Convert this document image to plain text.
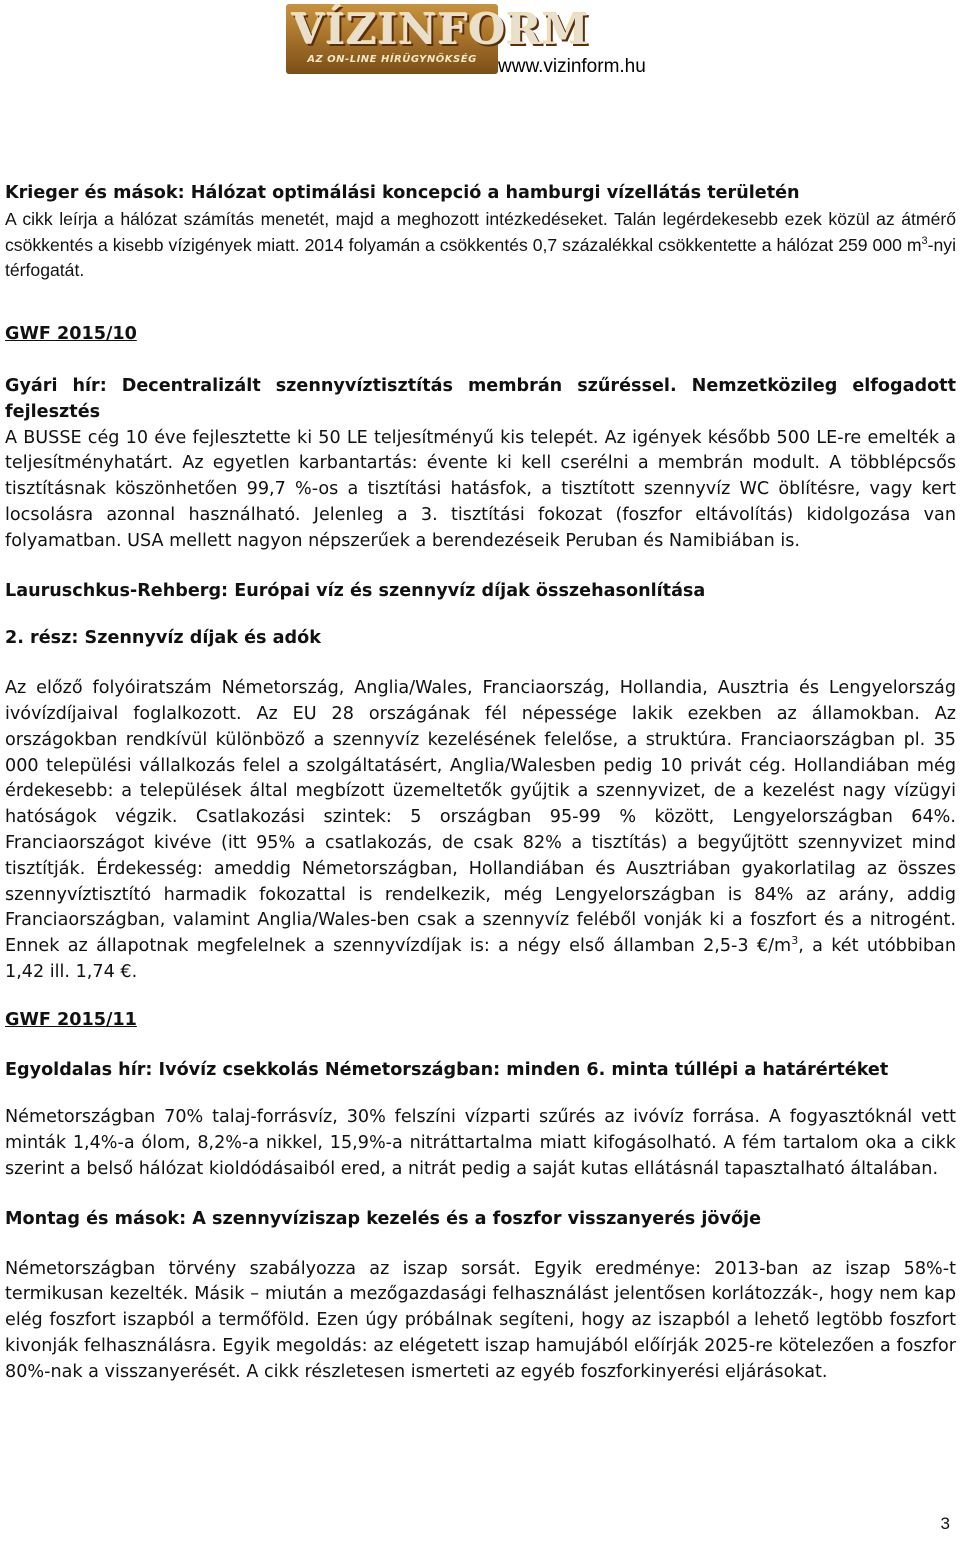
VÍZINFORM
AZ ON-LINE HÍRÜGYNÖKSÉG	www.vizinform.hu

Krieger és mások: Hálózat optimálási koncepció a hamburgi vízellátás területén

A cikk leírja a hálózat számítás menetét, majd a meghozott intézkedéseket. Talán legérdekesebb ezek közül az átmérő csökkentés a kisebb vízigények miatt. 2014 folyamán a csökkentés 0,7 százalékkal csökkentette a hálózat 259 000 $m^3$-nyi térfogatát.

GWF 2015/10

Gyári hír: Decentralizált szennyvíztisztítás membrán szűréssel. Nemzetközileg elfogadott fejlesztés

A BUSSE cég 10 éve fejlesztette ki 50 LE teljesítményű kis telepét. Az igények később 500 LE-re emelték a teljesítményhatárt. Az egyetlen karbantartás: évente ki kell cserélni a membrán modult. A többlépcsős tisztításnak köszönhetően 99,7 %-os a tisztítási hatásfok, a tisztított szennyvíz WC öblítésre, vagy kert locsolásra azonnal használható. Jelenleg a 3. tisztítási fokozat (foszfor eltávolítás) kidolgozása van folyamatban. USA mellett nagyon népszerűek a berendezéseik Peruban és Namibiában is.

Lauruschkus-Rehberg: Európai víz és szennyvíz díjak összehasonlítása

2. rész: Szennyvíz díjak és adók

Az előző folyóiratszám Németország, Anglia/Wales, Franciaország, Hollandia, Ausztria és Lengyelország ivóvízdíjaival foglalkozott. Az EU 28 országának fél népessége lakik ezekben az államokban. Az országokban rendkívül különböző a szennyvíz kezelésének felelőse, a struktúra. Franciaországban pl. 35 000 települési vállalkozás felel a szolgáltatásért, Anglia/Walesben pedig 10 privát cég. Hollandiában még érdekesebb: a települések által megbízott üzemeltetők gyűjtik a szennyvizet, de a kezelést nagy vízügyi hatóságok végzik. Csatlakozási szintek: 5 országban 95-99 % között, Lengyelországban 64%. Franciaországot kivéve (itt 95% a csatlakozás, de csak 82% a tisztítás) a begyűjtött szennyvizet mind tisztítják. Érdekesség: ameddig Németországban, Hollandiában és Ausztriában gyakorlatilag az összes szennyvíztisztító harmadik fokozattal is rendelkezik, még Lengyelországban is 84% az arány, addig Franciaországban, valamint Anglia/Wales-ben csak a szennyvíz feléből vonják ki a foszfort és a nitrogént. Ennek az állapotnak megfelelnek a szennyvízdíjak is: a négy első államban 2,5-3 $€/m^3$, a két utóbbiban 1,42 ill. 1,74 €.

GWF 2015/11

Egyoldalas hír: Ivóvíz csekkolás Németországban: minden 6. minta túllépi a határértéket

Németországban 70% talaj-forrásvíz, 30% felszíni vízparti szűrés az ivóvíz forrása. A fogyasztóknál vett minták 1,4%-a ólom, 8,2%-a nikkel, 15,9%-a nitráttartalma miatt kifogásolható. A fém tartalom oka a cikk szerint a belső hálózat kioldódásaiból ered, a nitrát pedig a saját kutas ellátásnál tapasztalható általában.

Montag és mások: A szennyvíziszap kezelés és a foszfor visszanyerés jövője

Németországban törvény szabályozza az iszap sorsát. Egyik eredménye: 2013-ban az iszap 58%-t termikusan kezelték. Másik – miután a mezőgazdasági felhasználást jelentősen korlátozzák-, hogy nem kap elég foszfort iszapból a termőföld. Ezen úgy próbálnak segíteni, hogy az iszapból a lehető legtöbb foszfort kivonják felhasználásra. Egyik megoldás: az elégetett iszap hamujából előírják 2025-re kötelezően a foszfor 80%-nak a visszanyerését. A cikk részletesen ismerteti az egyéb foszforkinyerési eljárásokat.

3
